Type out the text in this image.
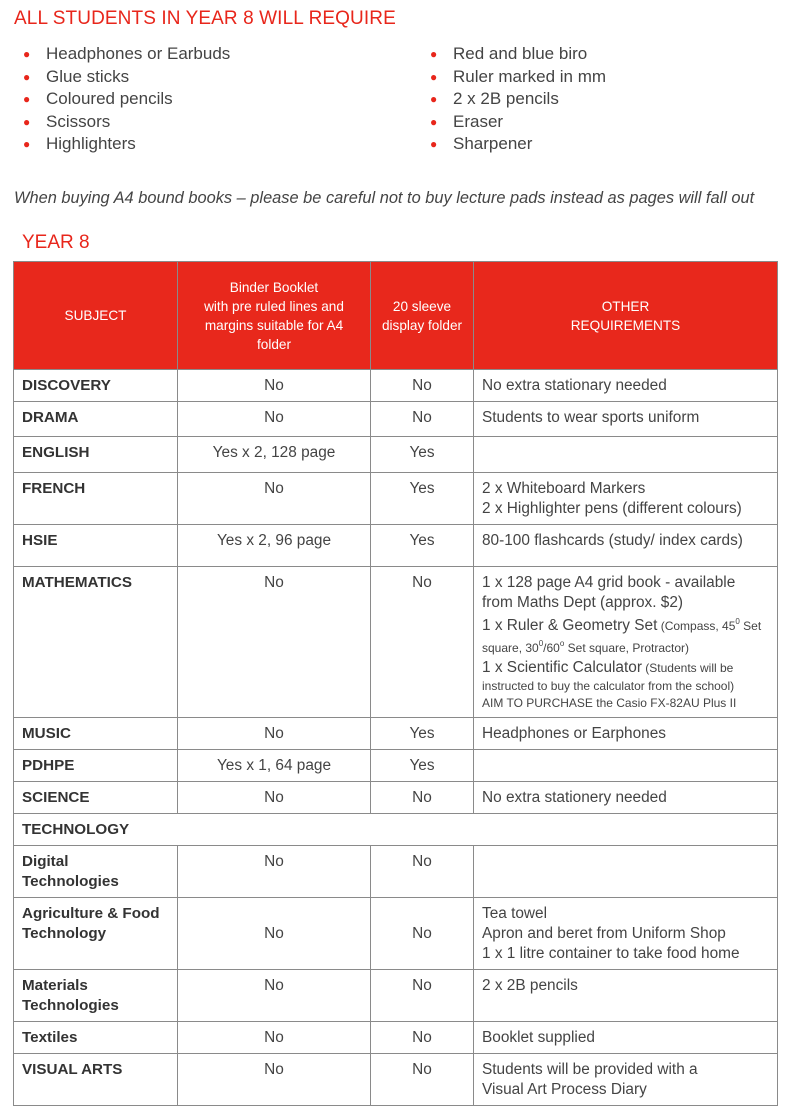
ALL STUDENTS IN YEAR 8 WILL REQUIRE
● Headphones or Earbuds
● Glue sticks
● Coloured pencils
● Scissors
● Highlighters
● Red and blue biro
● Ruler marked in mm
● 2 x 2B pencils
● Eraser
● Sharpener
When buying A4 bound books – please be careful not to buy lecture pads instead as pages will fall out
YEAR 8
SUBJECT	Binder Booklet
with pre ruled lines and
margins suitable for A4
folder	20 sleeve
display folder	OTHER
REQUIREMENTS

DISCOVERY	No	No	No extra stationary needed
DRAMA	No	No	Students to wear sports uniform
ENGLISH	Yes x 2, 128 page	Yes	
FRENCH	No	Yes	2 x Whiteboard Markers
2 x Highlighter pens (different colours)

HSIE	Yes x 2, 96 page	Yes	80-100 flashcards (study/ index cards)
MATHEMATICS	No	No	1 x 128 page A4 grid book - available from Maths Dept (approx. $2)
1 x Ruler & Geometry Set (Compass, $45^0$ Set square, $30^0/60^o$ Set square, Protractor)
1 x Scientific Calculator (Students will be instructed to buy the calculator from the school)
AIM TO PURCHASE the Casio FX-82AU Plus II

MUSIC	No	Yes	Headphones or Earphones
PDHPE	Yes x 1, 64 page	Yes	
SCIENCE	No	No	No extra stationery needed
TECHNOLOGY			
Digital Technologies	No	No	
Agriculture & Food Technology	No	No	Tea towel
Apron and beret from Uniform Shop
1 x 1 litre container to take food home

Materials Technologies	No	No	2 x 2B pencils
Textiles	No	No	Booklet supplied
VISUAL ARTS	No	No	Students will be provided with a
Visual Art Process Diary
